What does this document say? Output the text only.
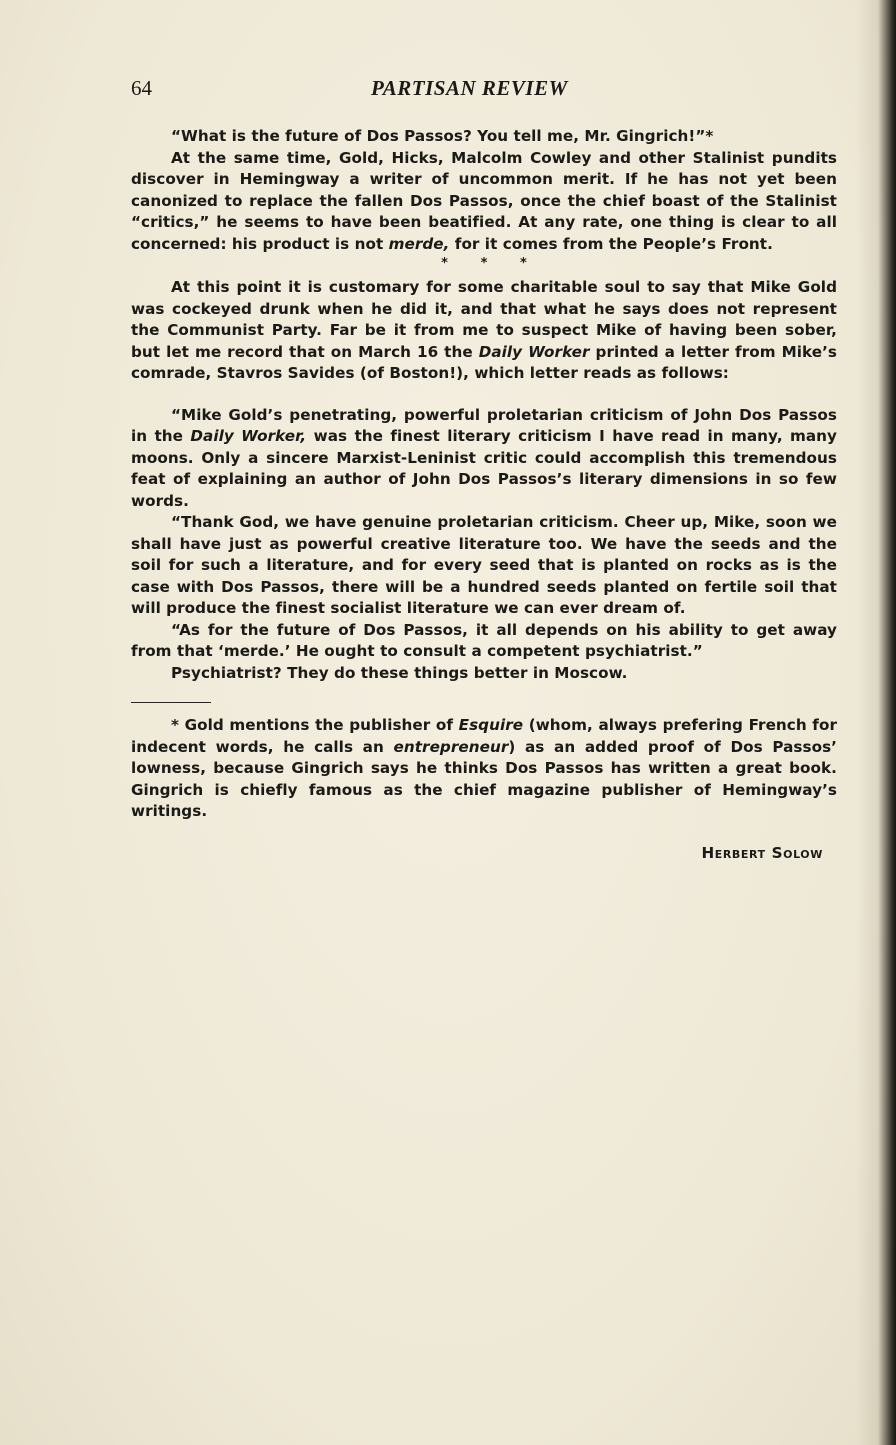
64	PARTISAN REVIEW

“What is the future of Dos Passos? You tell me, Mr. Gingrich!”*

At the same time, Gold, Hicks, Malcolm Cowley and other Stalinist pundits discover in Hemingway a writer of uncommon merit. If he has not yet been canonized to replace the fallen Dos Passos, once the chief boast of the Stalinist “critics,” he seems to have been beatified. At any rate, one thing is clear to all concerned: his product is not merde, for it comes from the People’s Front.

* * *

At this point it is customary for some charitable soul to say that Mike Gold was cockeyed drunk when he did it, and that what he says does not represent the Communist Party. Far be it from me to suspect Mike of having been sober, but let me record that on March 16 the Daily Worker printed a letter from Mike’s comrade, Stavros Savides (of Boston!), which letter reads as follows:

“Mike Gold’s penetrating, powerful proletarian criticism of John Dos Passos in the Daily Worker, was the finest literary criticism I have read in many, many moons. Only a sincere Marxist-Leninist critic could accomplish this tremendous feat of explaining an author of John Dos Passos’s literary dimensions in so few words.

“Thank God, we have genuine proletarian criticism. Cheer up, Mike, soon we shall have just as powerful creative literature too. We have the seeds and the soil for such a literature, and for every seed that is planted on rocks as is the case with Dos Passos, there will be a hundred seeds planted on fertile soil that will produce the finest socialist literature we can ever dream of.

“As for the future of Dos Passos, it all depends on his ability to get away from that ‘merde.’ He ought to consult a competent psychiatrist.”

Psychiatrist? They do these things better in Moscow.

* Gold mentions the publisher of Esquire (whom, always prefering French for indecent words, he calls an entrepreneur) as an added proof of Dos Passos’ lowness, because Gingrich says he thinks Dos Passos has written a great book. Gingrich is chiefly famous as the chief magazine publisher of Hemingway’s writings.

Herbert Solow
